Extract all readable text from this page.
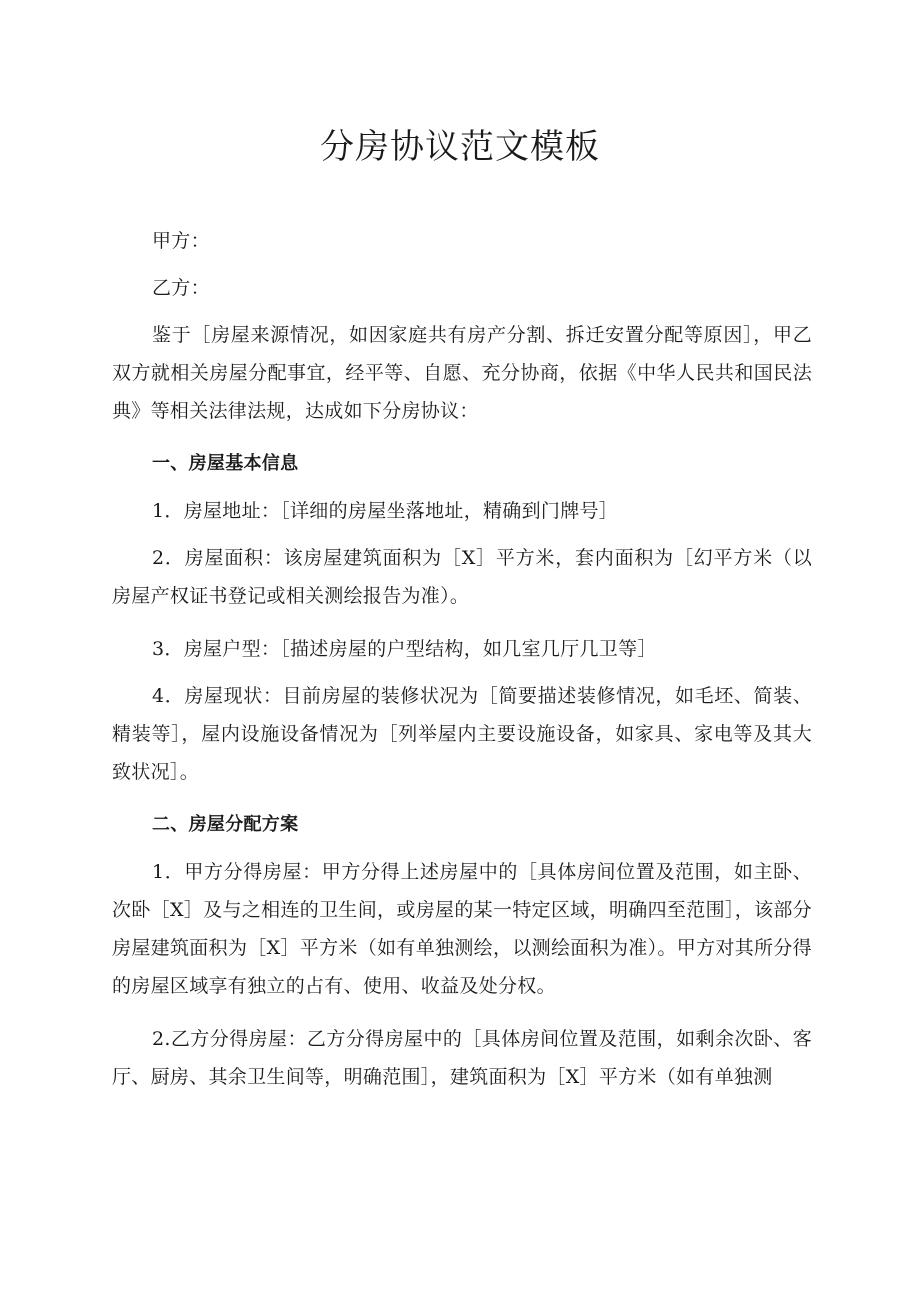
分房协议范文模板

甲方：

乙方：

鉴于［房屋来源情况，如因家庭共有房产分割、拆迁安置分配等原因］，甲乙双方就相关房屋分配事宜，经平等、自愿、充分协商，依据《中华人民共和国民法典》等相关法律法规，达成如下分房协议：

一、房屋基本信息

1．房屋地址：［详细的房屋坐落地址，精确到门牌号］

2．房屋面积：该房屋建筑面积为［X］平方米，套内面积为［幻平方米（以房屋产权证书登记或相关测绘报告为准）。

3．房屋户型：［描述房屋的户型结构，如几室几厅几卫等］

4．房屋现状：目前房屋的装修状况为［简要描述装修情况，如毛坯、简装、精装等］，屋内设施设备情况为［列举屋内主要设施设备，如家具、家电等及其大致状况］。

二、房屋分配方案

1．甲方分得房屋：甲方分得上述房屋中的［具体房间位置及范围，如主卧、次卧［X］及与之相连的卫生间，或房屋的某一特定区域，明确四至范围］，该部分房屋建筑面积为［X］平方米（如有单独测绘，以测绘面积为准）。甲方对其所分得的房屋区域享有独立的占有、使用、收益及处分权。

2.乙方分得房屋：乙方分得房屋中的［具体房间位置及范围，如剩余次卧、客厅、厨房、其余卫生间等，明确范围］，建筑面积为［X］平方米（如有单独测
